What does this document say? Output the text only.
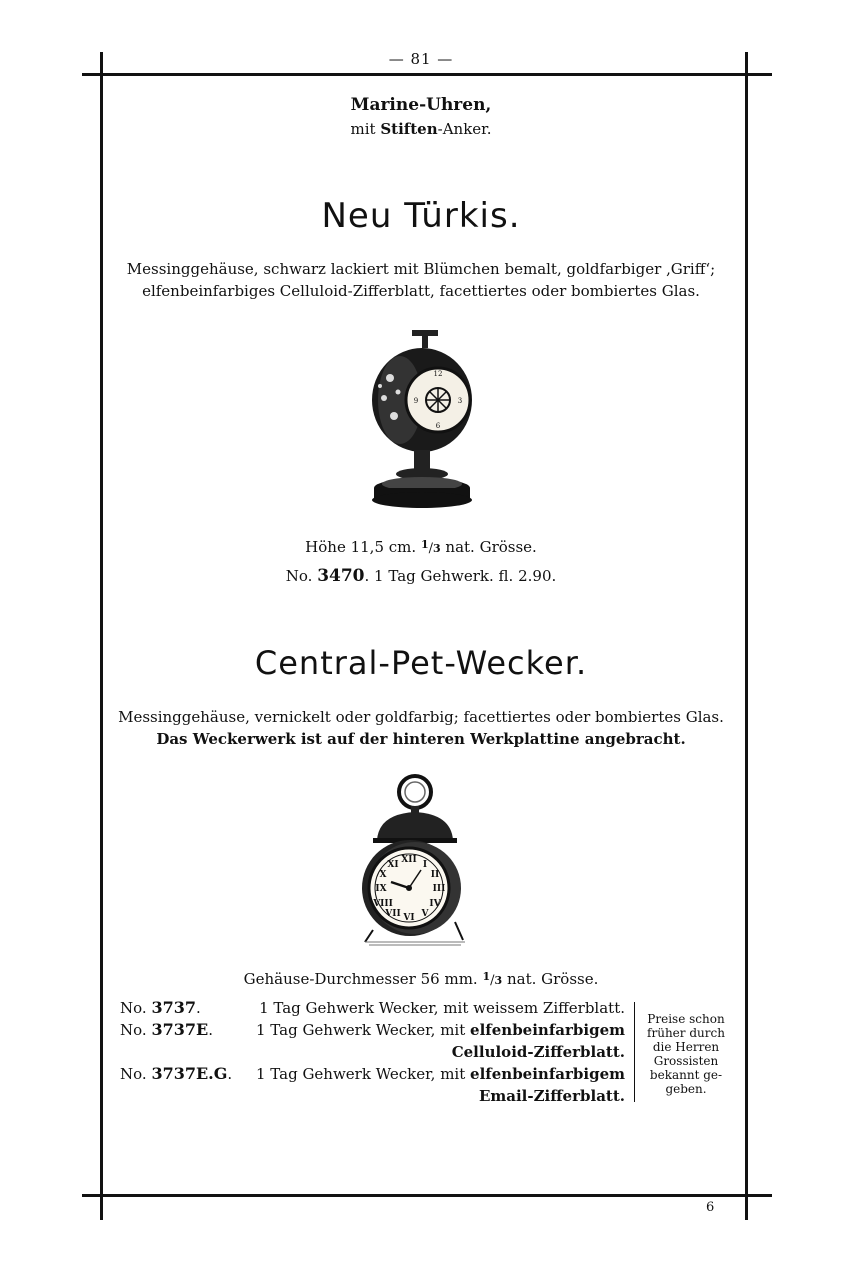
— 81 —
Marine-Uhren,
mit Stiften-Anker.
Neu Türkis.
Messinggehäuse, schwarz lackiert mit Blümchen bemalt, goldfarbiger ‚Griff‘;
elfenbeinfarbiges Celluloid-Zifferblatt, facettiertes oder bombiertes Glas.
12
3
6
9
Höhe 11,5 cm. $^1$/3 nat. Grösse.
No. 3470. 1 Tag Gehwerk. fl. 2.90.
Central-Pet-Wecker.
Messinggehäuse, vernickelt oder goldfarbig; facettiertes oder bombiertes Glas.
Das Weckerwerk ist auf der hinteren Werkplattine angebracht.
XII
III
VI
IX
I
II
IV
V
VII
VIII
X
XI
Gehäuse-Durchmesser 56 mm. $^1$/3 nat. Grösse.
No. 3737.	1 Tag Gehwerk Wecker, mit weissem Zifferblatt.
No. 3737E.	1 Tag Gehwerk Wecker, mit elfenbeinfarbigem
Celluloid-Zifferblatt.
No. 3737E.G.	1 Tag Gehwerk Wecker, mit elfenbeinfarbigem
Email-Zifferblatt.
Preise schon
früher durch
die Herren
Grossisten
bekannt ge-
geben.
6
